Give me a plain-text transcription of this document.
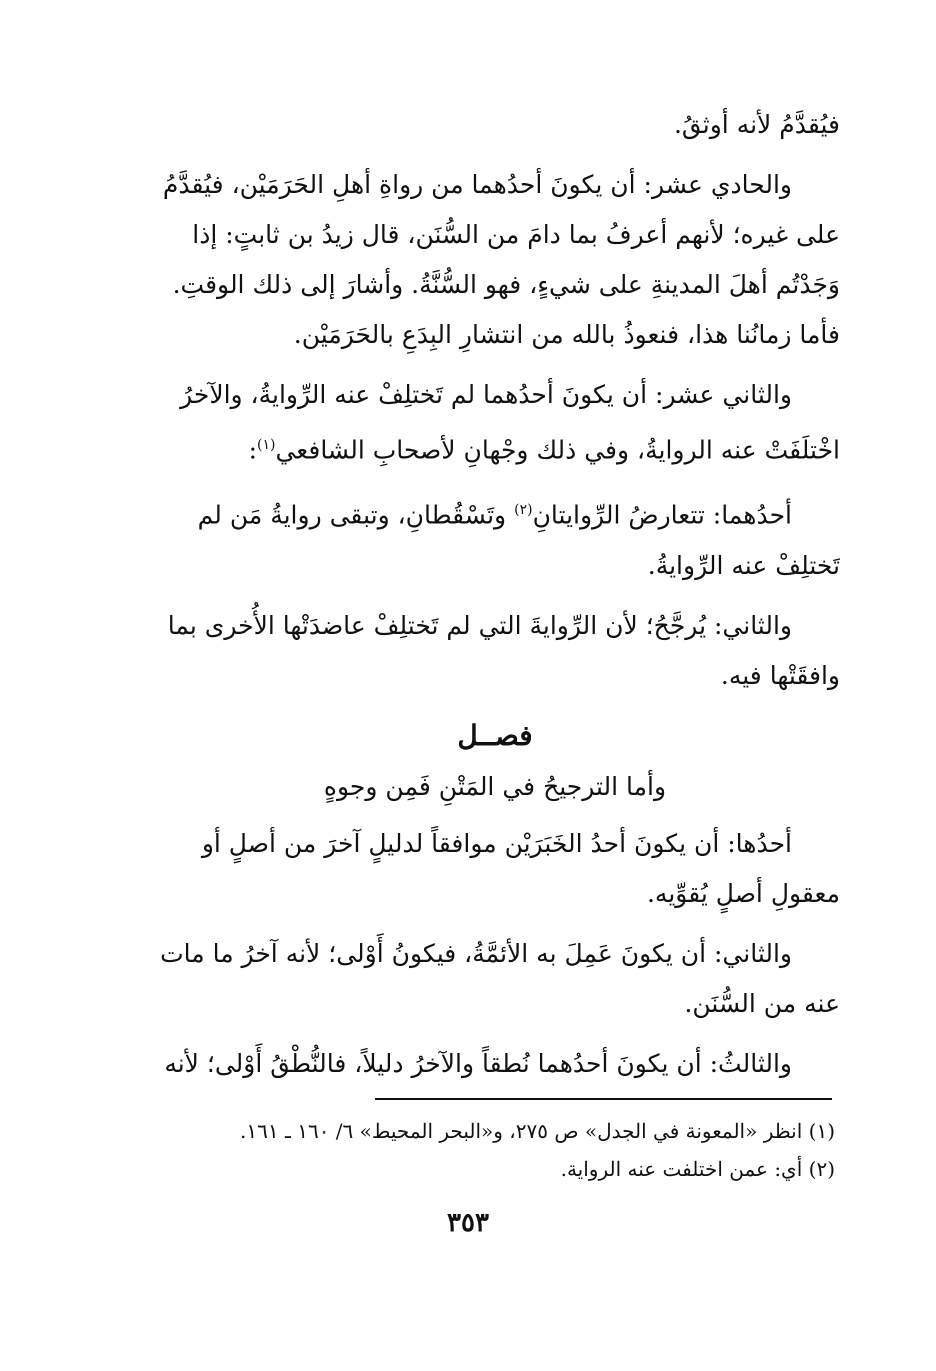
فيُقدَّمُ لأنه أوثقُ.
والحادي عشر: أن يكونَ أحدُهما من رواةِ أهلِ الحَرَمَيْن، فيُقدَّمُ
على غيره؛ لأنهم أعرفُ بما دامَ من السُّنَن، قال زيدُ بن ثابتٍ: إذا
وَجَدْتُم أهلَ المدينةِ على شيءٍ، فهو السُّنَّةُ. وأشارَ إلى ذلك الوقتِ.
فأما زمانُنا هذا، فنعوذُ بالله من انتشارِ البِدَعِ بالحَرَمَيْن.
والثاني عشر: أن يكونَ أحدُهما لم تَختلِفْ عنه الرِّوايةُ، والآخرُ
اخْتلَفَتْ عنه الروايةُ، وفي ذلك وجْهانِ لأصحابِ الشافعي$^{(١)}$:
أحدُهما: تتعارضُ الرِّوايتانِ$^{(٢)}$ وتَسْقُطانِ، وتبقى روايةُ مَن لم
تَختلِفْ عنه الرِّوايةُ.
والثاني: يُرجَّحُ؛ لأن الرِّوايةَ التي لم تَختلِفْ عاضدَتْها الأُخرى بما
وافقَتْها فيه.
فصــل
وأما الترجيحُ في المَتْنِ فَمِن وجوهٍ
أحدُها: أن يكونَ أحدُ الخَبَرَيْن موافقاً لدليلٍ آخرَ من أصلٍ أو
معقولِ أصلٍ يُقوِّيه.
والثاني: أن يكونَ عَمِلَ به الأئمَّةُ، فيكونُ أَوْلى؛ لأنه آخرُ ما مات
عنه من السُّنَن.
والثالثُ: أن يكونَ أحدُهما نُطقاً والآخرُ دليلاً، فالنُّطْقُ أَوْلى؛ لأنه
(١) انظر «المعونة في الجدل» ص ٢٧٥، و«البحر المحيط» ٦/ ١٦٠ ـ ١٦١.
(٢) أي: عمن اختلفت عنه الرواية.
٣٥٣
